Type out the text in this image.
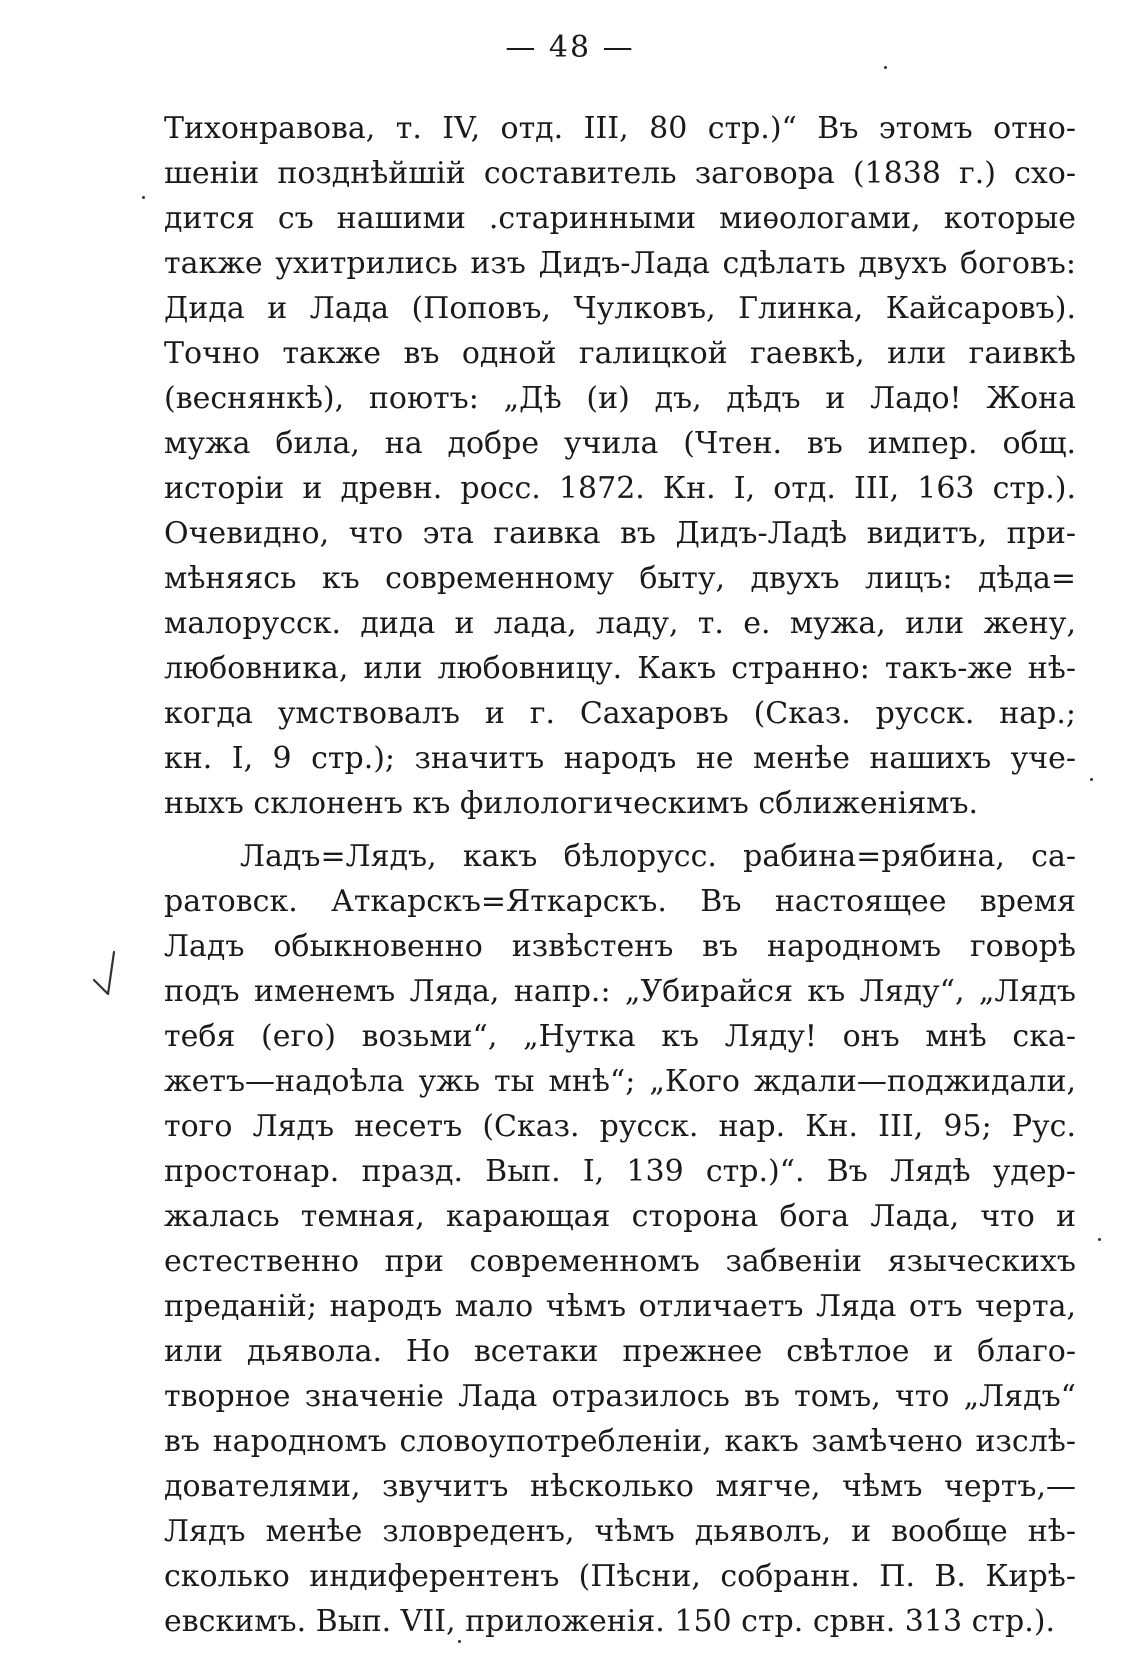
— 48 —
Тихонравова, т. IV, отд. III, 80 стр.)“ Въ этомъ отно-
шенiи позднѣйшiй составитель заговора (1838 г.) схо-
дится съ нашими .старинными миѳологами, которые
также ухитрились изъ Дидъ-Лада сдѣлать двухъ боговъ:
Дида и Лада (Поповъ, Чулковъ, Глинка, Кайсаровъ).
Точно также въ одной галицкой гаевкѣ, или гаивкѣ
(веснянкѣ), поютъ: „Дѣ (и) дъ, дѣдъ и Ладо! Жона
мужа била, на добре учила (Чтен. въ импер. общ.
исторiи и древн. росс. 1872. Кн. I, отд. III, 163 стр.).
Очевидно, что эта гаивка въ Дидъ-Ладѣ видитъ, при-
мѣняясь къ современному быту, двухъ лицъ: дѣда=
малорусск. дида и лада, ладу, т. е. мужа, или жену,
любовника, или любовницу. Какъ странно: такъ-же нѣ-
когда умствовалъ и г. Сахаровъ (Сказ. русск. нар.;
кн. I, 9 стр.); значитъ народъ не менѣе нашихъ уче-
ныхъ склоненъ къ филологическимъ сближенiямъ.
Ладъ=Лядъ, какъ бѣлорусс. рабина=рябина, са-
ратовск. Аткарскъ=Яткарскъ. Въ настоящее время
Ладъ обыкновенно извѣстенъ въ народномъ говорѣ
подъ именемъ Ляда, напр.: „Убирайся къ Ляду“, „Лядъ
тебя (его) возьми“, „Нутка къ Ляду! онъ мнѣ ска-
жетъ—надоѣла ужь ты мнѣ“; „Кого ждали—поджидали,
того Лядъ несетъ (Сказ. русск. нар. Кн. III, 95; Рус.
простонар. празд. Вып. I, 139 стр.)“. Въ Лядѣ удер-
жалась темная, карающая сторона бога Лада, что и
естественно при современномъ забвенiи языческихъ
преданiй; народъ мало чѣмъ отличаетъ Ляда отъ черта,
или дьявола. Но всетаки прежнее свѣтлое и благо-
творное значенiе Лада отразилось въ томъ, что „Лядъ“
въ народномъ словоупотребленiи, какъ замѣчено изслѣ-
дователями, звучитъ нѣсколько мягче, чѣмъ чертъ,—
Лядъ менѣе зловреденъ, чѣмъ дьяволъ, и вообще нѣ-
сколько индиферентенъ (Пѣсни, собранн. П. В. Кирѣ-
евскимъ. Вып. VII, приложенiя. 150 стр. срвн. 313 стр.).
